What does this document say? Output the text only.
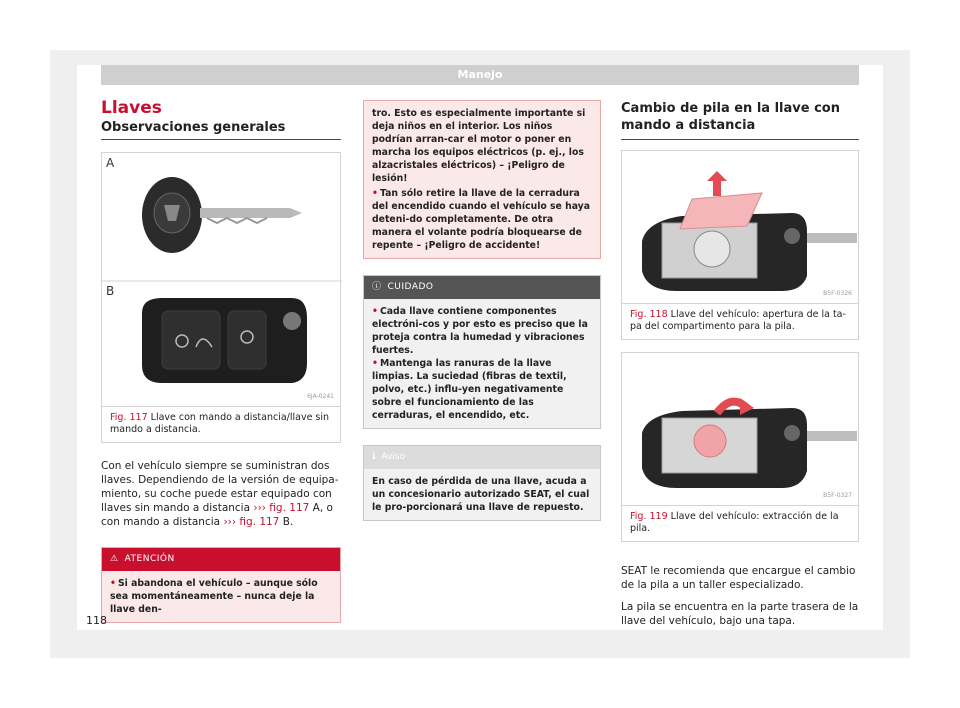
Manejo
Llaves
Observaciones generales
A
B
6JA-0241
Fig. 117 Llave con mando a distancia/llave sin mando a distancia.

Con el vehículo siempre se suministran dos llaves. Dependiendo de la versión de equipa-miento, su coche puede estar equipado con llaves sin mando a distancia ››› fig. 117 A, o con mando a distancia ››› fig. 117 B.

⚠ ATENCIÓN
• Si abandona el vehículo – aunque sólo sea momentáneamente – nunca deje la llave den-
tro. Esto es especialmente importante si deja niños en el interior. Los niños podrían arran-car el motor o poner en marcha los equipos eléctricos (p. ej., los alzacristales eléctricos) – ¡Peligro de lesión!
• Tan sólo retire la llave de la cerradura del encendido cuando el vehículo se haya deteni-do completamente. De otra manera el volante podría bloquearse de repente – ¡Peligro de accidente!
ⓘ CUIDADO
• Cada llave contiene componentes electróni-cos y por esto es preciso que la proteja contra la humedad y vibraciones fuertes.
• Mantenga las ranuras de la llave limpias. La suciedad (fibras de textil, polvo, etc.) influ-yen negativamente sobre el funcionamiento de las cerraduras, el encendido, etc.
ℹ Aviso
En caso de pérdida de una llave, acuda a un concesionario autorizado SEAT, el cual le pro-porcionará una llave de repuesto.
Cambio de pila en la llave con mando a distancia
B5F-0326
Fig. 118 Llave del vehículo: apertura de la ta-pa del compartimento para la pila.
B5F-0327
Fig. 119 Llave del vehículo: extracción de la pila.

SEAT le recomienda que encargue el cambio de la pila a un taller especializado.

La pila se encuentra en la parte trasera de la llave del vehículo, bajo una tapa.

118
